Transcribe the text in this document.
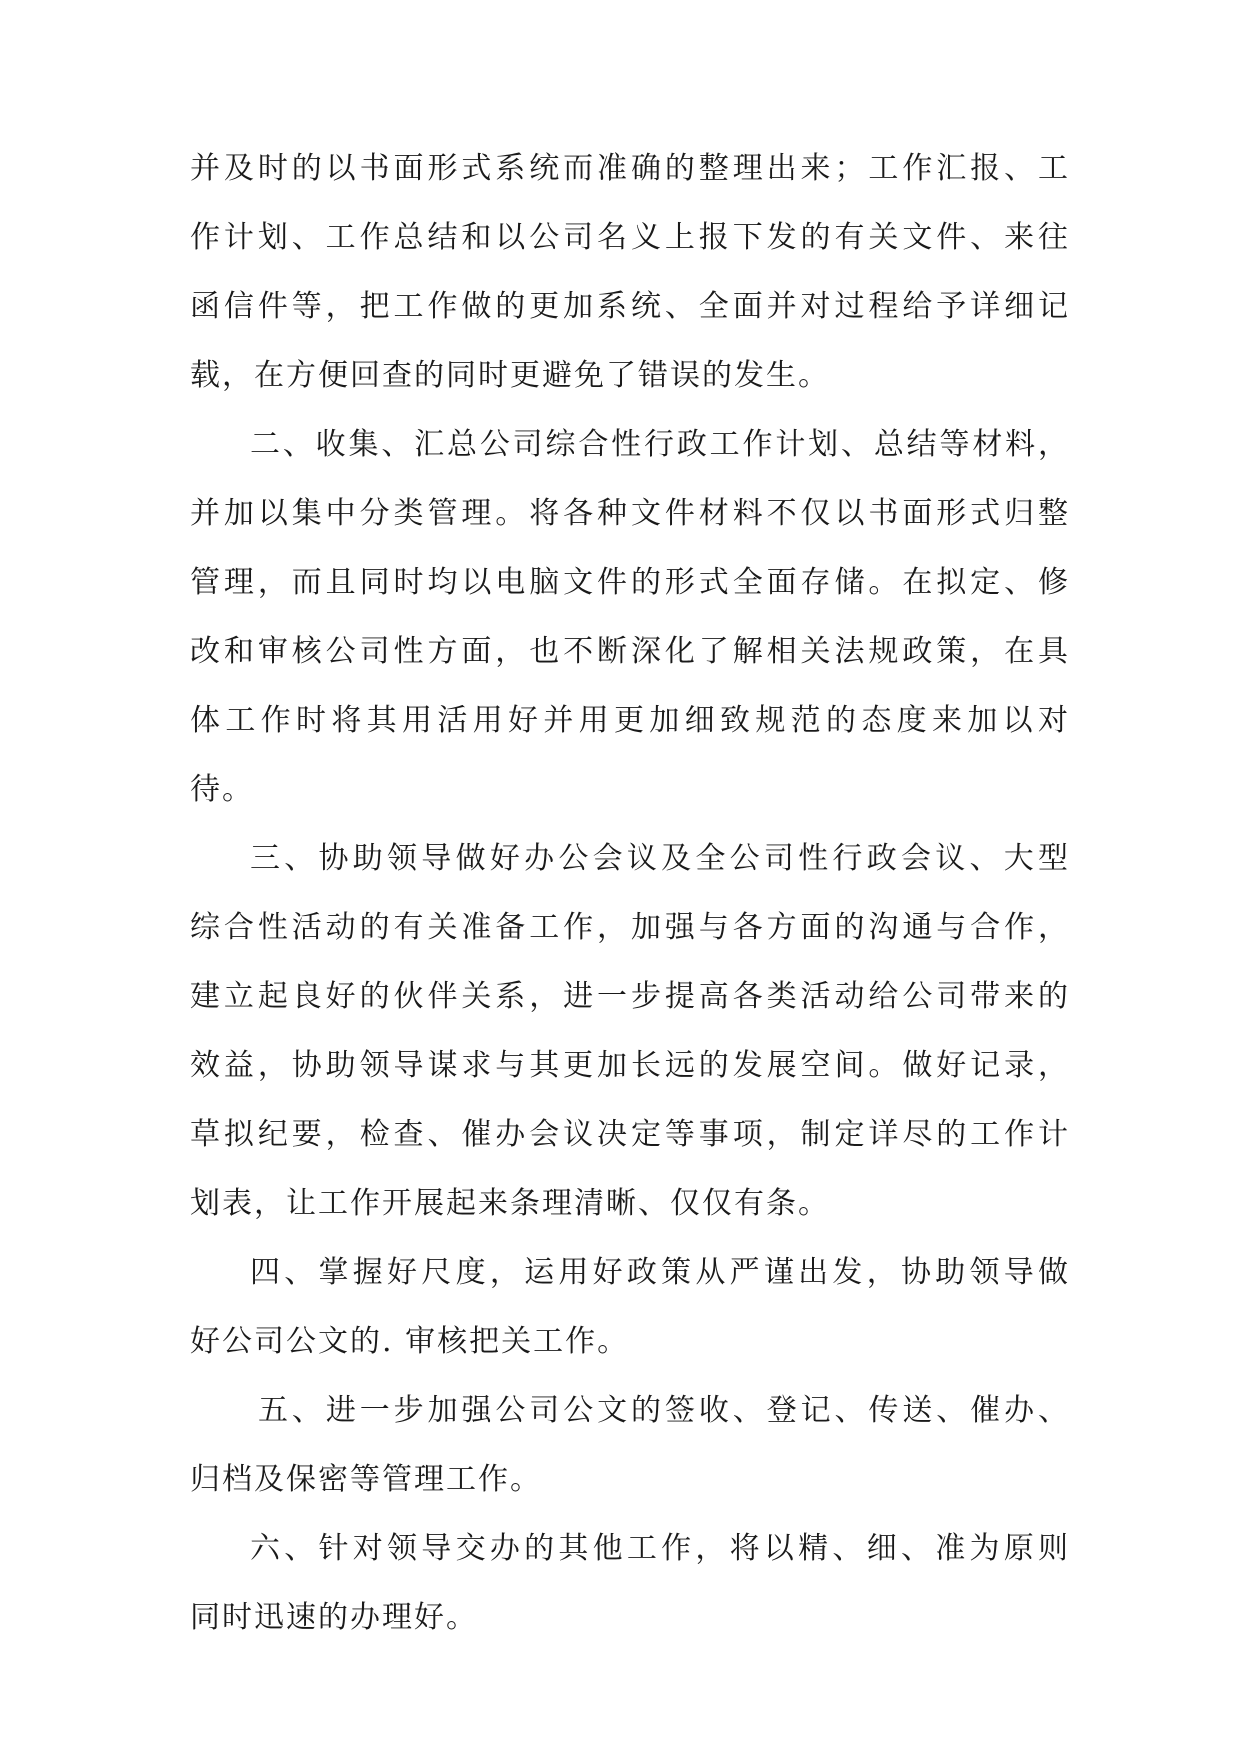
并及时的以书面形式系统而准确的整理出来；工作汇报、工
作计划、工作总结和以公司名义上报下发的有关文件、来往
函信件等，把工作做的更加系统、全面并对过程给予详细记
载，在方便回查的同时更避免了错误的发生。
二、收集、汇总公司综合性行政工作计划、总结等材料，
并加以集中分类管理。将各种文件材料不仅以书面形式归整
管理，而且同时均以电脑文件的形式全面存储。在拟定、修
改和审核公司性方面，也不断深化了解相关法规政策，在具
体工作时将其用活用好并用更加细致规范的态度来加以对
待。
三、协助领导做好办公会议及全公司性行政会议、大型
综合性活动的有关准备工作，加强与各方面的沟通与合作，
建立起良好的伙伴关系，进一步提高各类活动给公司带来的
效益，协助领导谋求与其更加长远的发展空间。做好记录，
草拟纪要，检查、催办会议决定等事项，制定详尽的工作计
划表，让工作开展起来条理清晰、仅仅有条。
四、掌握好尺度，运用好政策从严谨出发，协助领导做
好公司公文的. 审核把关工作。
五、进一步加强公司公文的签收、登记、传送、催办、
归档及保密等管理工作。
六、针对领导交办的其他工作，将以精、细、准为原则
同时迅速的办理好。
